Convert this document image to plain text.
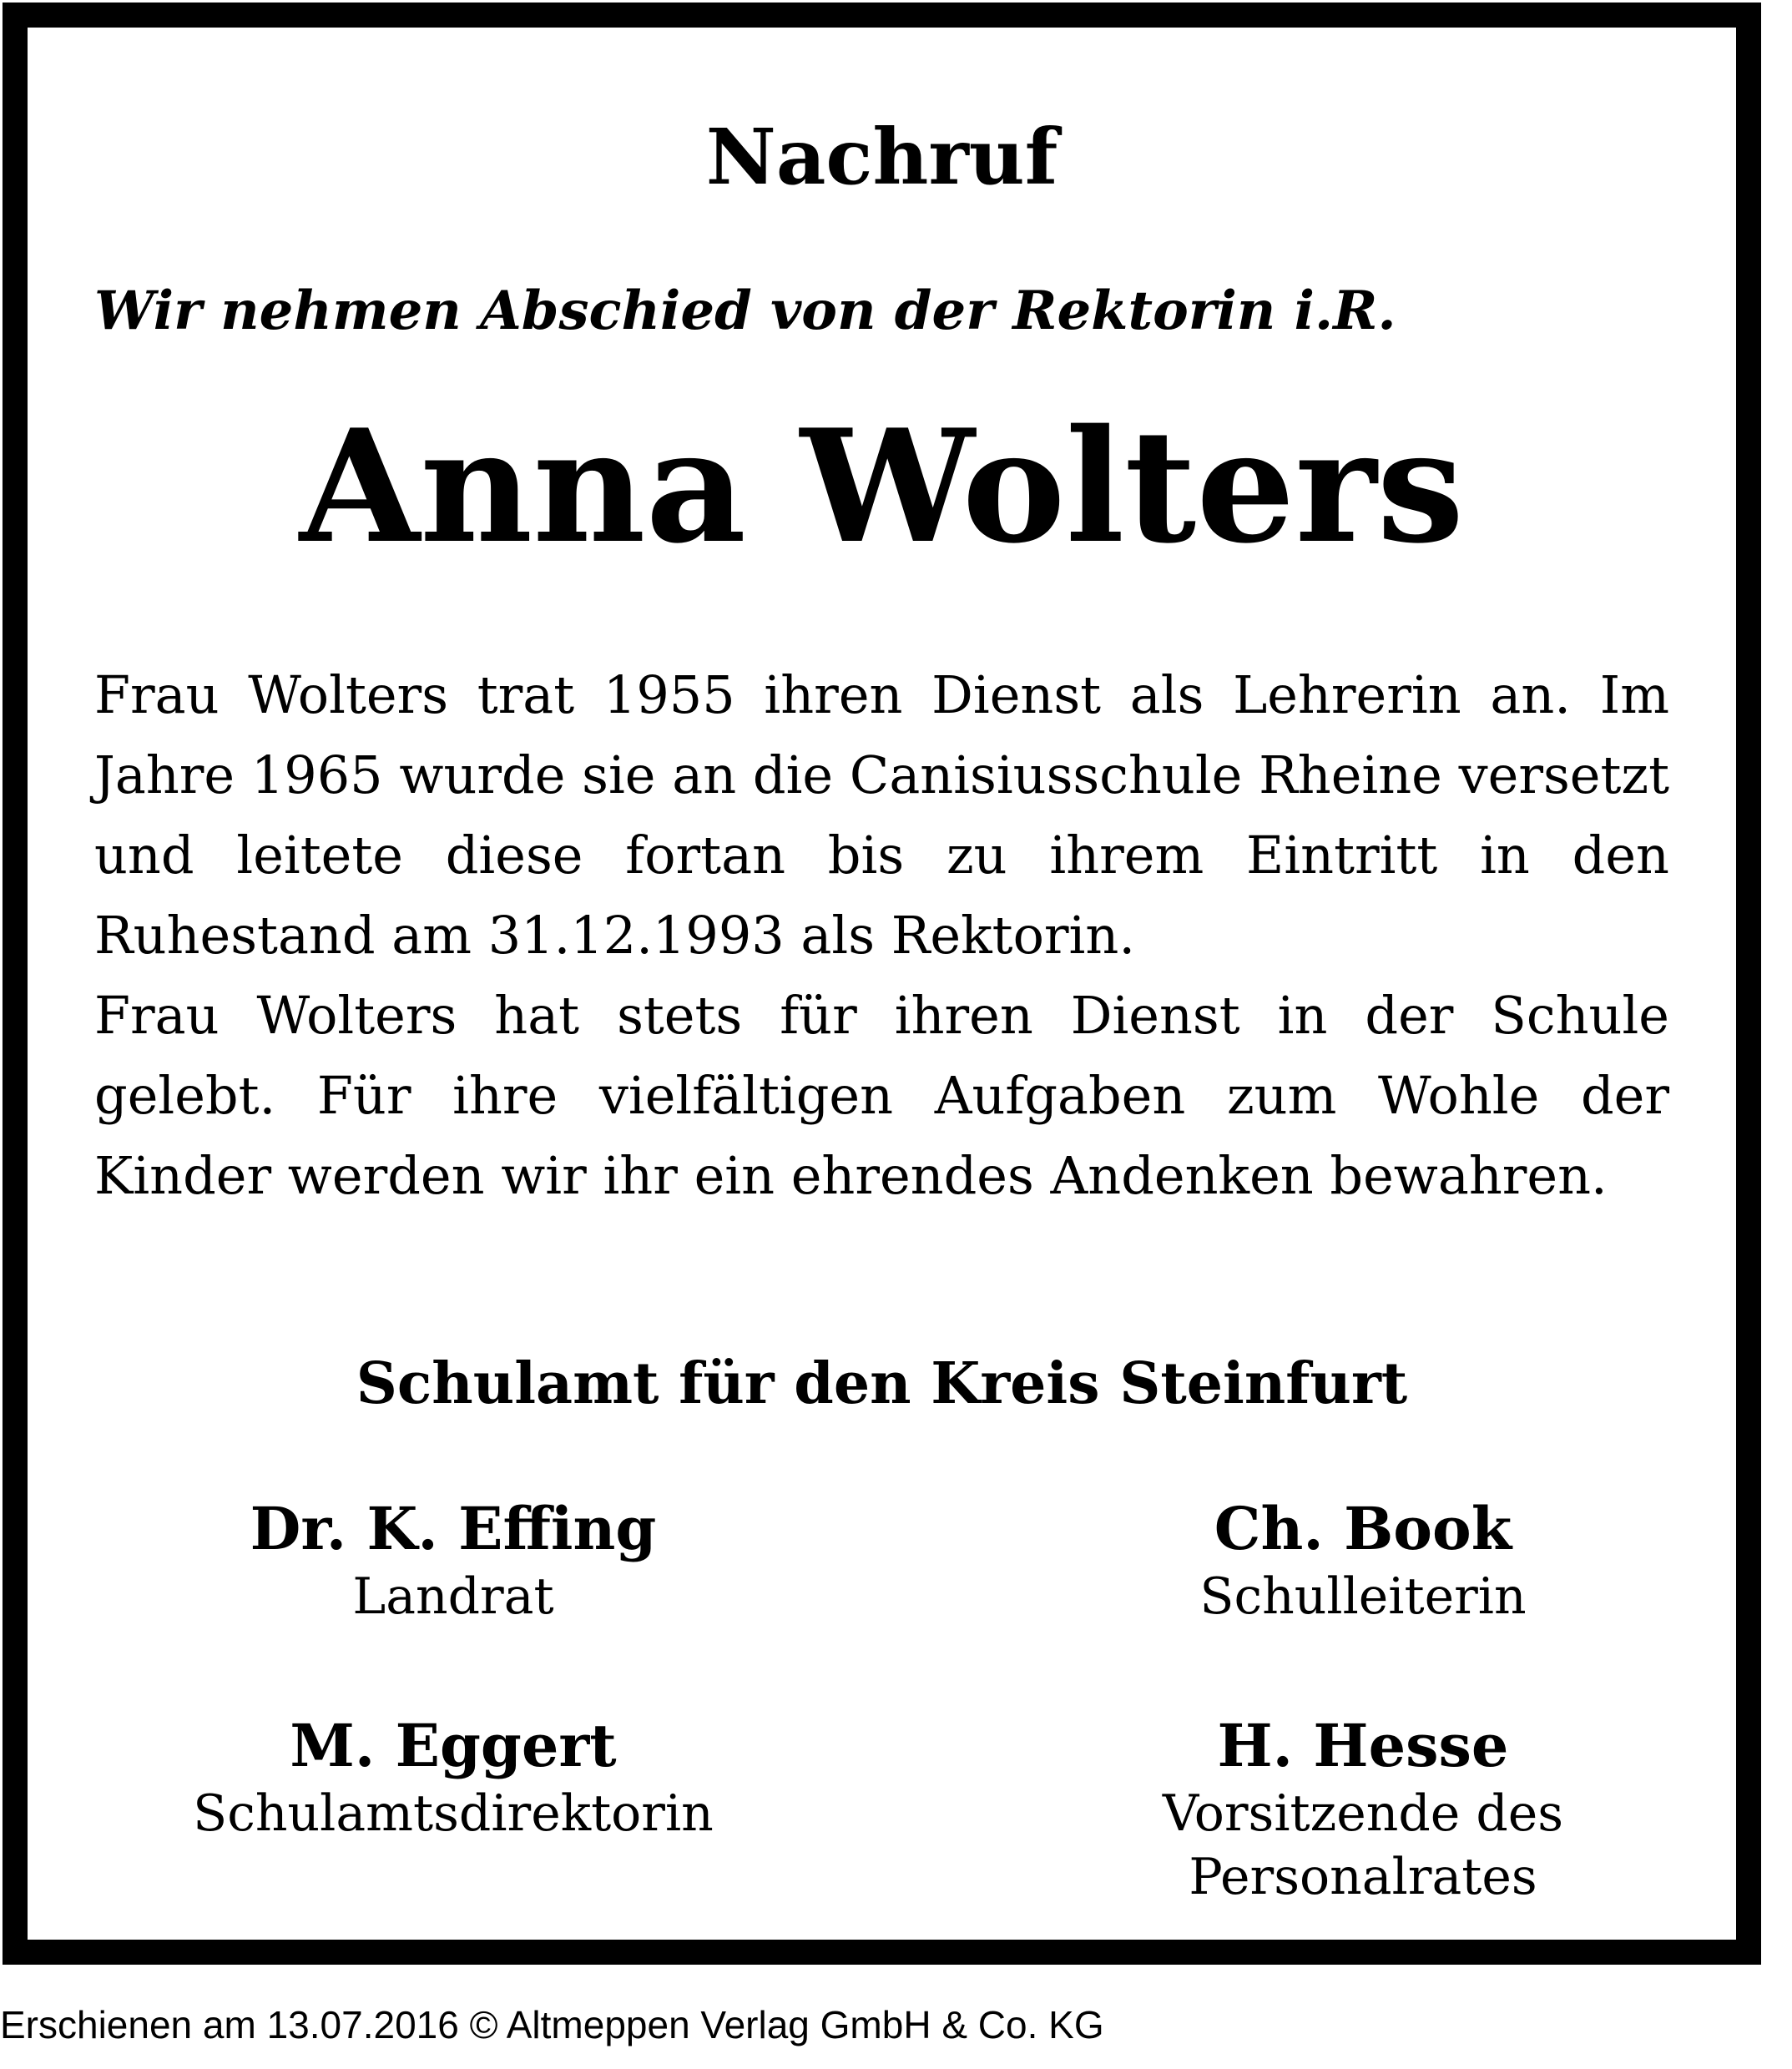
Nachruf
Wir nehmen Abschied von der Rektorin i.R.
Anna Wolters

Frau Wolters trat 1955 ihren Dienst als Lehrerin an. Im Jahre 1965 wurde sie an die Canisiusschule Rheine versetzt und leitete diese fortan bis zu ihrem Eintritt in den Ruhestand am 31.12.1993 als Rektorin.

Frau Wolters hat stets für ihren Dienst in der Schule gelebt. Für ihre vielfältigen Aufgaben zum Wohle der Kinder werden wir ihr ein ehrendes Andenken bewahren.

Schulamt für den Kreis Steinfurt
Dr. K. Effing
Landrat
Ch. Book
Schulleiterin
M. Eggert
Schulamtsdirektorin
H. Hesse
Vorsitzende des Personalrates
Erschienen am 13.07.2016 © Altmeppen Verlag GmbH & Co. KG
